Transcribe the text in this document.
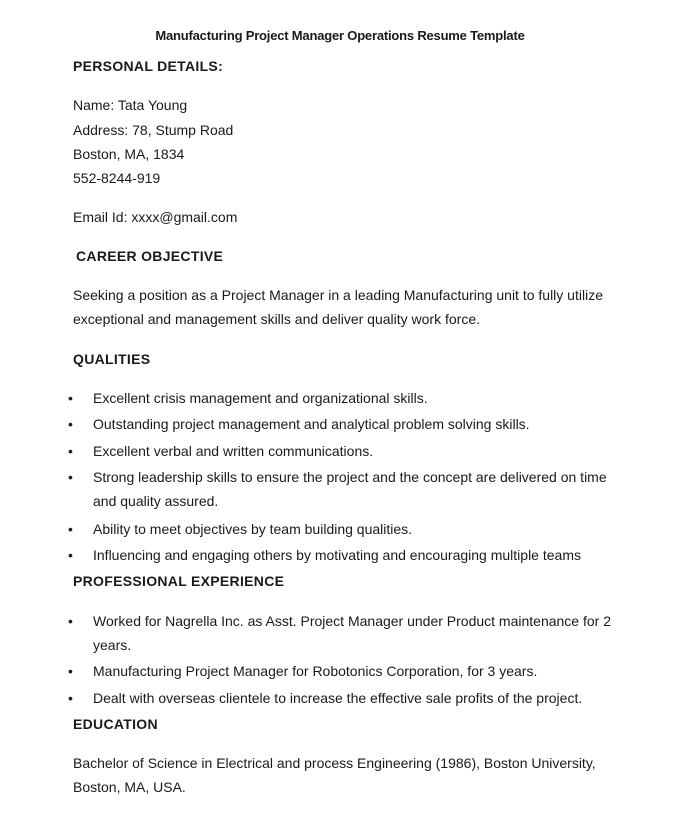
Manufacturing Project Manager Operations Resume Template
PERSONAL DETAILS:
Name: Tata Young
Address: 78, Stump Road
Boston, MA, 1834
552-8244-919
Email Id: xxxx@gmail.com
CAREER OBJECTIVE
Seeking a position as a Project Manager in a leading Manufacturing unit to fully utilize
exceptional and management skills and deliver quality work force.
QUALITIES
• Excellent crisis management and organizational skills.
• Outstanding project management and analytical problem solving skills.
• Excellent verbal and written communications.
• Strong leadership skills to ensure the project and the concept are delivered on time
and quality assured.
• Ability to meet objectives by team building qualities.
• Influencing and engaging others by motivating and encouraging multiple teams
PROFESSIONAL EXPERIENCE
• Worked for Nagrella Inc. as Asst. Project Manager under Product maintenance for 2
years.
• Manufacturing Project Manager for Robotonics Corporation, for 3 years.
• Dealt with overseas clientele to increase the effective sale profits of the project.
EDUCATION
Bachelor of Science in Electrical and process Engineering (1986), Boston University,
Boston, MA, USA.
